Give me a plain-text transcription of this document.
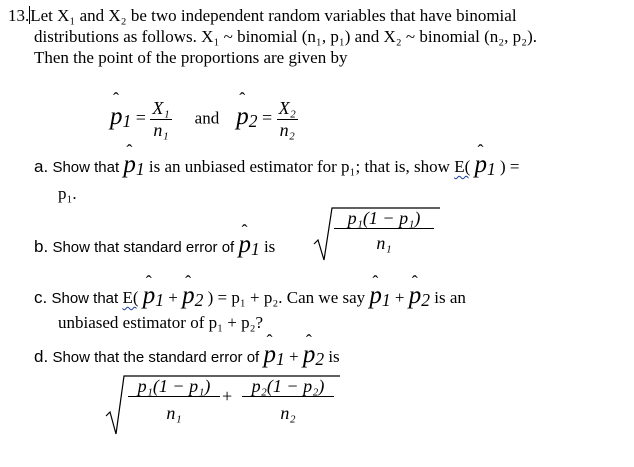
13.Let X₁ and X₂ be two independent random variables that have binomial
distributions as follows. X₁ ~ binomial (n₁, p₁) and X₂ ~ binomial (n₂, p₂).
Then the point of the proportions are given by
ˆ $p_1 = \frac{\text{X₁}}{\text{n₁}}$ and ˆ $p_2 = \frac{\text{X₂}}{\text{n₂}}$
a. Show that ˆ $p_1$ is an unbiased estimator for p₁; that is, show E( ˆ $p_1$ ) =
p₁.
b. Show that standard error of ˆ $p_1$ is
p₁(1 − p₁)
n₁
c. Show that E( ˆ $p_1$ + ˆ $p_2$ ) = p₁ + p₂. Can we say ˆ $p_1$ + ˆ $p_2$ is an
unbiased estimator of p₁ + p₂?
d. Show that the standard error of ˆ $p_1$ + ˆ $p_2$ is
p₁(1 − p₁)
n₁
+	p₂(1 − p₂)
n₂
